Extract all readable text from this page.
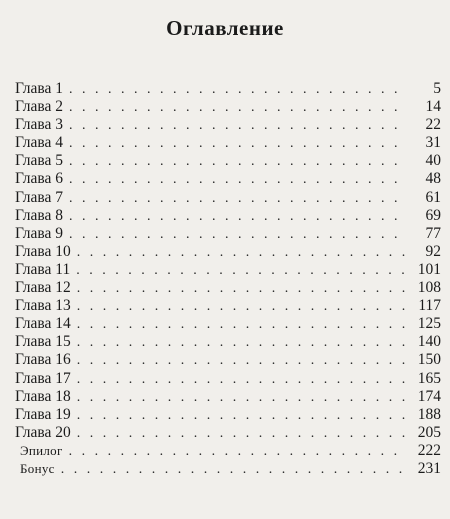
Оглавление
Глава 1 . . .	5
Глава 2 . . .	14
Глава 3 . . .	22
Глава 4 . . .	31
Глава 5 . . .	40
Глава 6 . . .	48
Глава 7 . . .	61
Глава 8 . . .	69
Глава 9 . . .	77
Глава 10 . . .	92
Глава 11 . . .	101
Глава 12 . . .	108
Глава 13 . . .	117
Глава 14 . . .	125
Глава 15 . . .	140
Глава 16 . . .	150
Глава 17 . . .	165
Глава 18 . . .	174
Глава 19 . . .	188
Глава 20 . . .	205
Эпилог . . .	222
Бонус . . .	231
